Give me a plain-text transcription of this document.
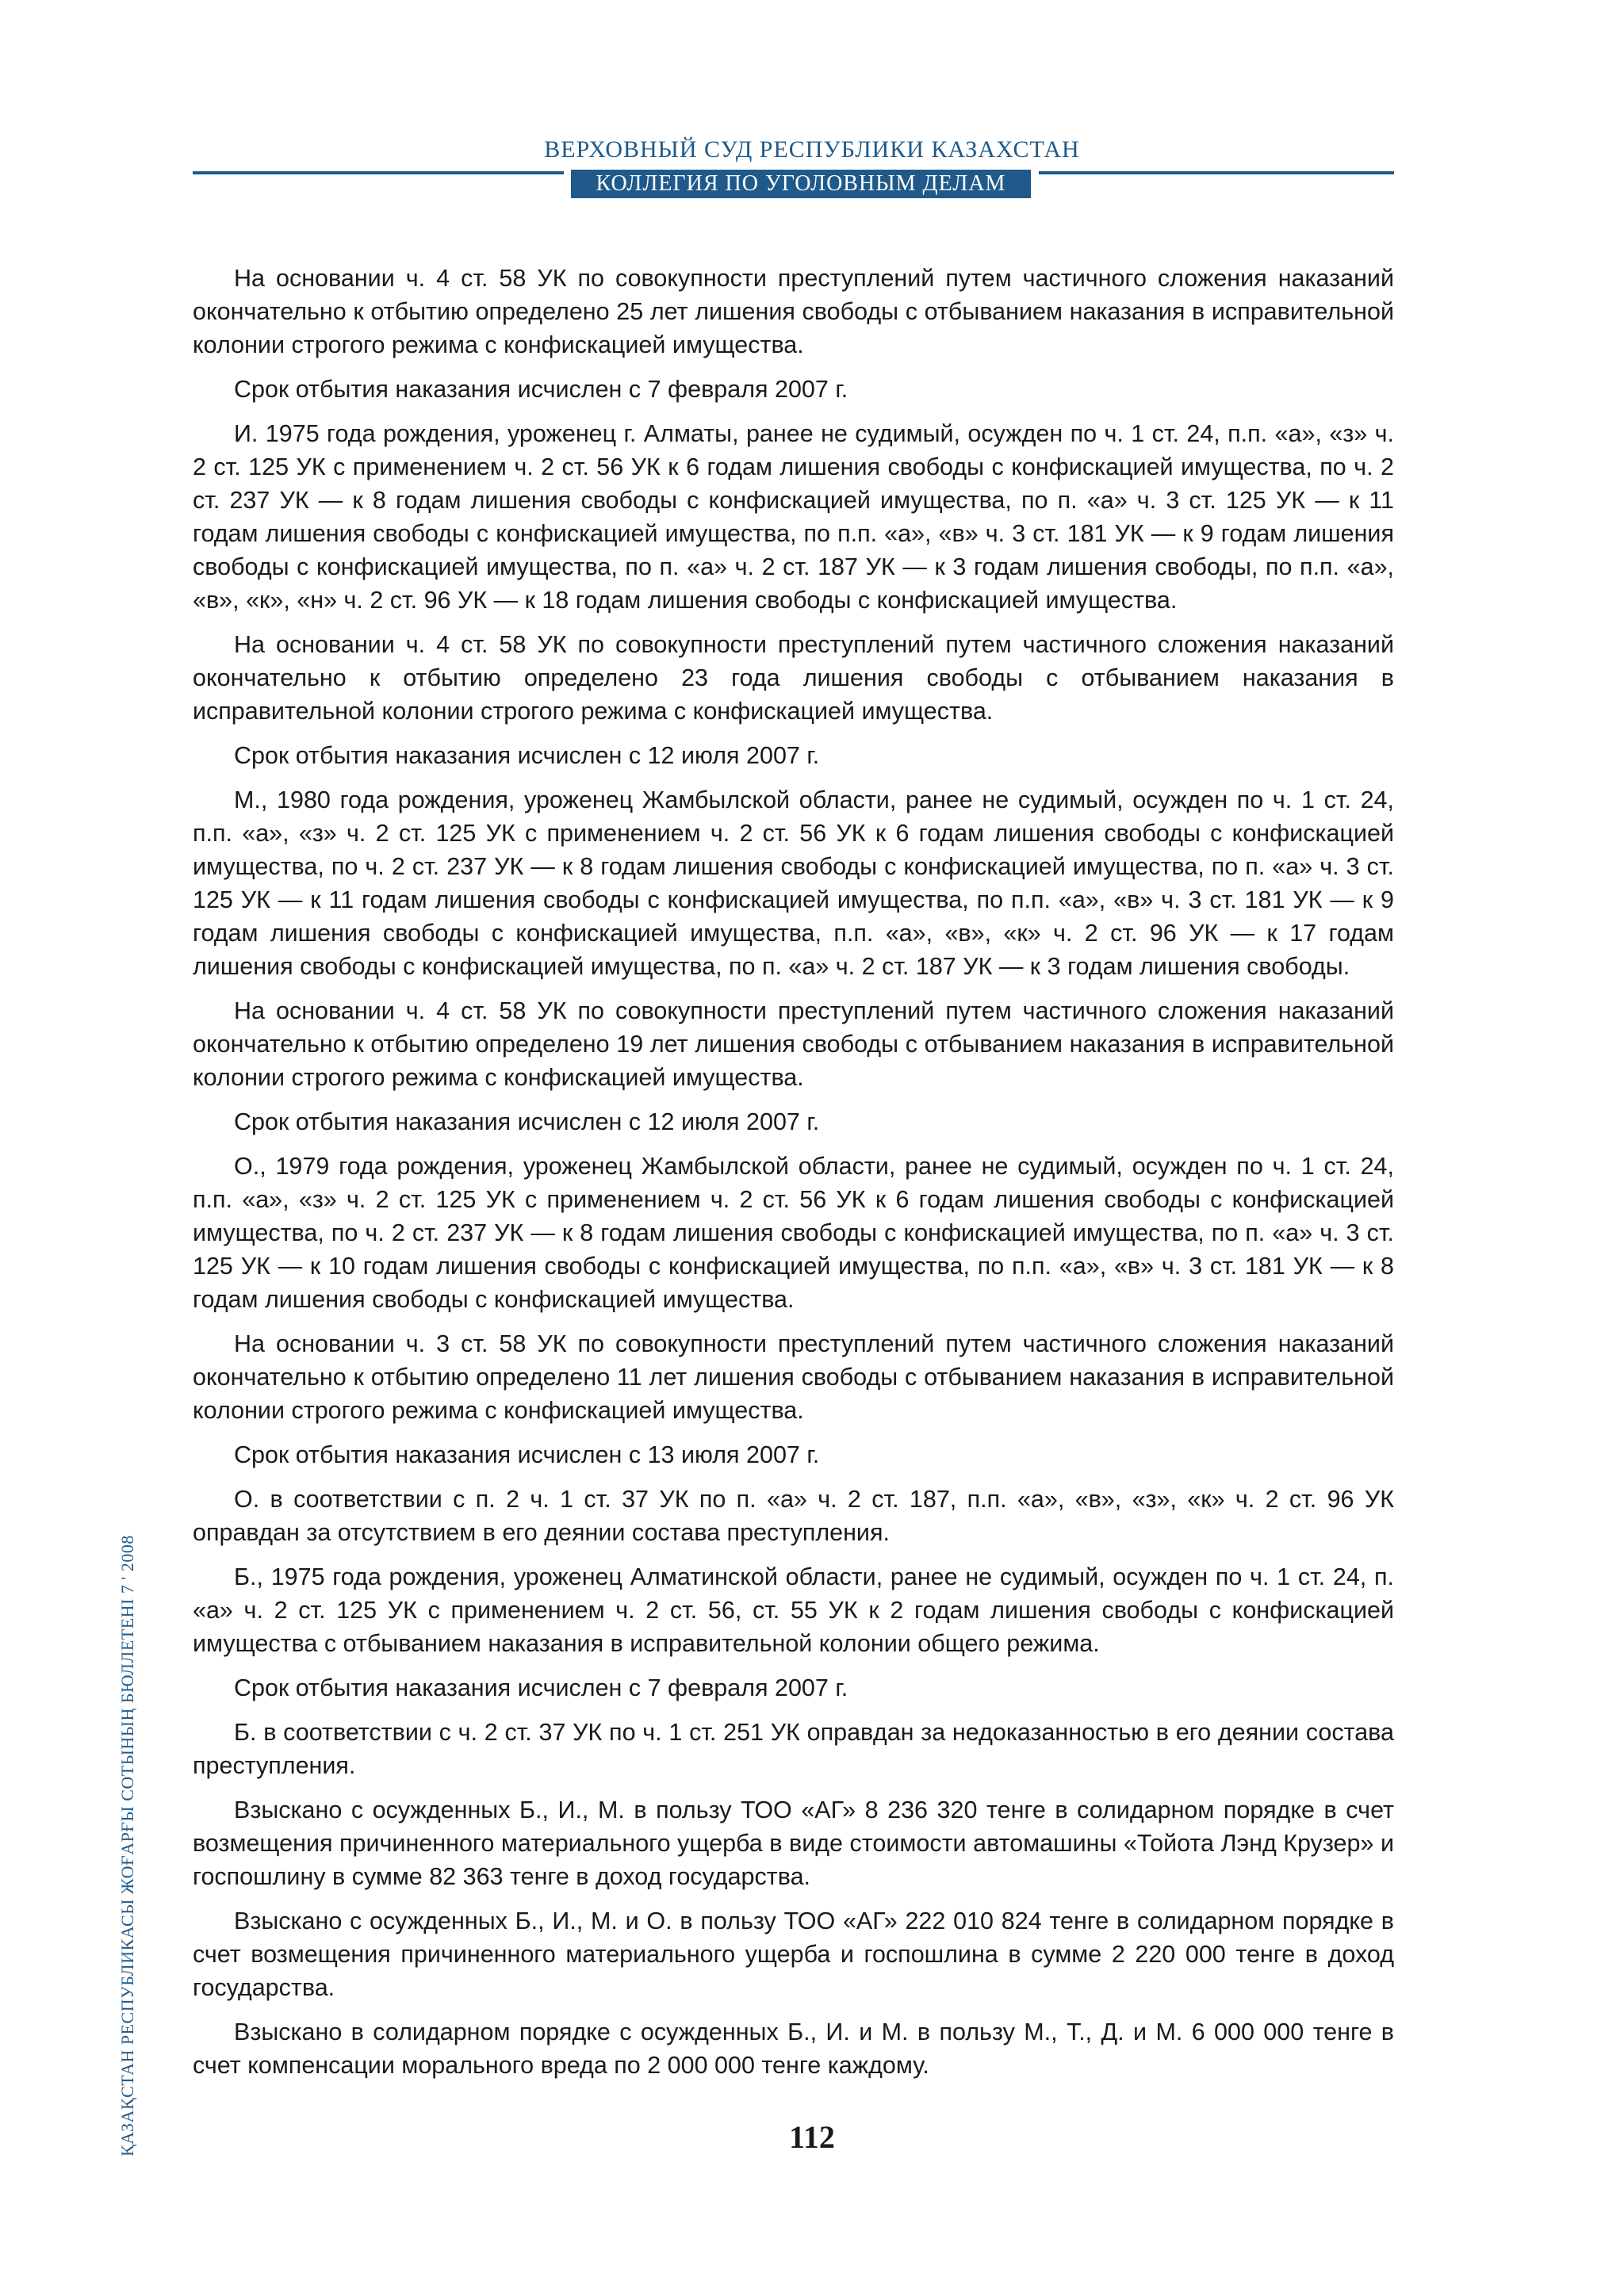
ВЕРХОВНЫЙ СУД РЕСПУБЛИКИ КАЗАХСТАН
КОЛЛЕГИЯ ПО УГОЛОВНЫМ ДЕЛАМ

На основании ч. 4 ст. 58 УК по совокупности преступлений путем частичного сложения наказаний окончательно к отбытию определено 25 лет лишения свободы с отбыванием наказания в исправительной колонии строгого режима с конфискацией имущества.

Срок отбытия наказания исчислен с 7 февраля 2007 г.

И. 1975 года рождения, уроженец г. Алматы, ранее не судимый, осужден по ч. 1 ст. 24, п.п. «а», «з» ч. 2 ст. 125 УК с применением ч. 2 ст. 56 УК к 6 годам лишения свободы с конфискацией имущества, по ч. 2 ст. 237 УК — к 8 годам лишения свободы с конфискацией имущества, по п. «а» ч. 3 ст. 125 УК — к 11 годам лишения свободы с конфискацией имущества, по п.п. «а», «в» ч. 3 ст. 181 УК — к 9 годам лишения свободы с конфискацией имущества, по п. «а» ч. 2 ст. 187 УК — к 3 годам лишения свободы, по п.п. «а», «в», «к», «н» ч. 2 ст. 96 УК — к 18 годам лишения свободы с конфискацией имущества.

На основании ч. 4 ст. 58 УК по совокупности преступлений путем частичного сложения наказаний окончательно к отбытию определено 23 года лишения свободы с отбыванием наказания в исправительной колонии строгого режима с конфискацией имущества.

Срок отбытия наказания исчислен с 12 июля 2007 г.

М., 1980 года рождения, уроженец Жамбылской области, ранее не судимый, осужден по ч. 1 ст. 24, п.п. «а», «з» ч. 2 ст. 125 УК с применением ч. 2 ст. 56 УК к 6 годам лишения свободы с конфискацией имущества, по ч. 2 ст. 237 УК — к 8 годам лишения свободы с конфискацией имущества, по п. «а» ч. 3 ст. 125 УК — к 11 годам лишения свободы с конфискацией имущества, по п.п. «а», «в» ч. 3 ст. 181 УК — к 9 годам лишения свободы с конфискацией имущества, п.п. «а», «в», «к» ч. 2 ст. 96 УК — к 17 годам лишения свободы с конфискацией имущества, по п. «а» ч. 2 ст. 187 УК — к 3 годам лишения свободы.

На основании ч. 4 ст. 58 УК по совокупности преступлений путем частичного сложения наказаний окончательно к отбытию определено 19 лет лишения свободы с отбыванием наказания в исправительной колонии строгого режима с конфискацией имущества.

Срок отбытия наказания исчислен с 12 июля 2007 г.

О., 1979 года рождения, уроженец Жамбылской области, ранее не судимый, осужден по ч. 1 ст. 24, п.п. «а», «з» ч. 2 ст. 125 УК с применением ч. 2 ст. 56 УК к 6 годам лишения свободы с конфискацией имущества, по ч. 2 ст. 237 УК — к 8 годам лишения свободы с конфискацией имущества, по п. «а» ч. 3 ст. 125 УК — к 10 годам лишения свободы с конфискацией имущества, по п.п. «а», «в» ч. 3 ст. 181 УК — к 8 годам лишения свободы с конфискацией имущества.

На основании ч. 3 ст. 58 УК по совокупности преступлений путем частичного сложения наказаний окончательно к отбытию определено 11 лет лишения свободы с отбыванием наказания в исправительной колонии строгого режима с конфискацией имущества.

Срок отбытия наказания исчислен с 13 июля 2007 г.

О. в соответствии с п. 2 ч. 1 ст. 37 УК по п. «а» ч. 2 ст. 187, п.п. «а», «в», «з», «к» ч. 2 ст. 96 УК оправдан за отсутствием в его деянии состава преступления.

Б., 1975 года рождения, уроженец Алматинской области, ранее не судимый, осужден по ч. 1 ст. 24, п. «а» ч. 2 ст. 125 УК с применением ч. 2 ст. 56, ст. 55 УК к 2 годам лишения свободы с конфискацией имущества с отбыванием наказания в исправительной колонии общего режима.

Срок отбытия наказания исчислен с 7 февраля 2007 г.

Б. в соответствии с ч. 2 ст. 37 УК по ч. 1 ст. 251 УК оправдан за недоказанностью в его деянии состава преступления.

Взыскано с осужденных Б., И., М. в пользу ТОО «АГ» 8 236 320 тенге в солидарном порядке в счет возмещения причиненного материального ущерба в виде стоимости автомашины «Тойота Лэнд Крузер» и госпошлину в сумме 82 363 тенге в доход государства.

Взыскано с осужденных Б., И., М. и О. в пользу ТОО «АГ» 222 010 824 тенге в солидарном порядке в счет возмещения причиненного материального ущерба и госпошлина в сумме 2 220 000 тенге в доход государства.

Взыскано в солидарном порядке с осужденных Б., И. и М. в пользу М., Т., Д. и М. 6 000 000 тенге в счет компенсации морального вреда по 2 000 000 тенге каждому.

ҚАЗАҚСТАН РЕСПУБЛИКАСЫ ЖОҒАРҒЫ СОТЫНЫҢ БЮЛЛЕТЕНІ 7 ' 2008	112
